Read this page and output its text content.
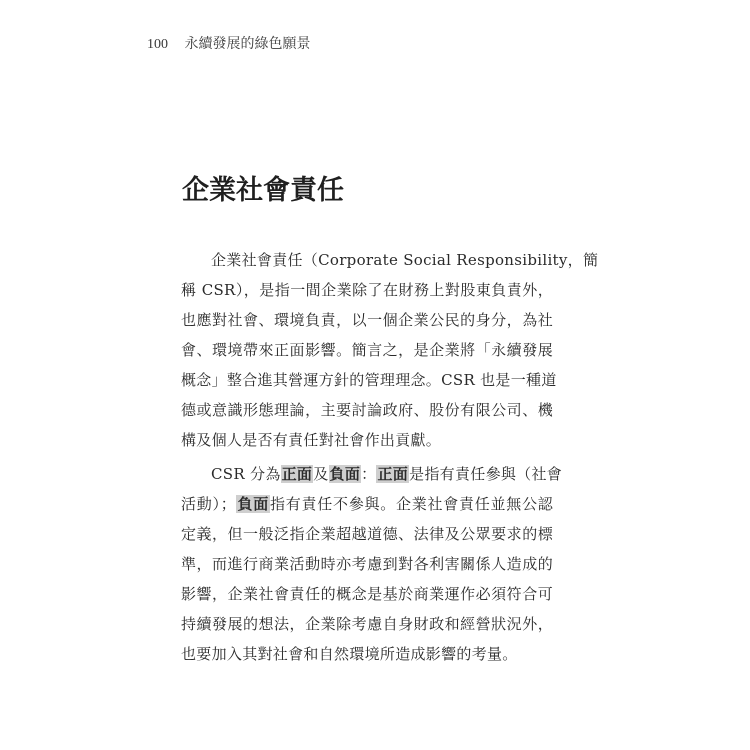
100 永續發展的綠色願景
企業社會責任
企業社會責任（Corporate Social Responsibility，簡
稱 CSR），是指一間企業除了在財務上對股東負責外，
也應對社會、環境負責，以一個企業公民的身分，為社
會、環境帶來正面影響。簡言之，是企業將「永續發展
概念」整合進其營運方針的管理理念。CSR 也是一種道
德或意識形態理論，主要討論政府、股份有限公司、機
構及個人是否有責任對社會作出貢獻。
CSR 分為正面及負面：正面是指有責任參與（社會
活動）；負面指有責任不參與。企業社會責任並無公認
定義，但一般泛指企業超越道德、法律及公眾要求的標
準，而進行商業活動時亦考慮到對各利害關係人造成的
影響，企業社會責任的概念是基於商業運作必須符合可
持續發展的想法，企業除考慮自身財政和經營狀況外，
也要加入其對社會和自然環境所造成影響的考量。
